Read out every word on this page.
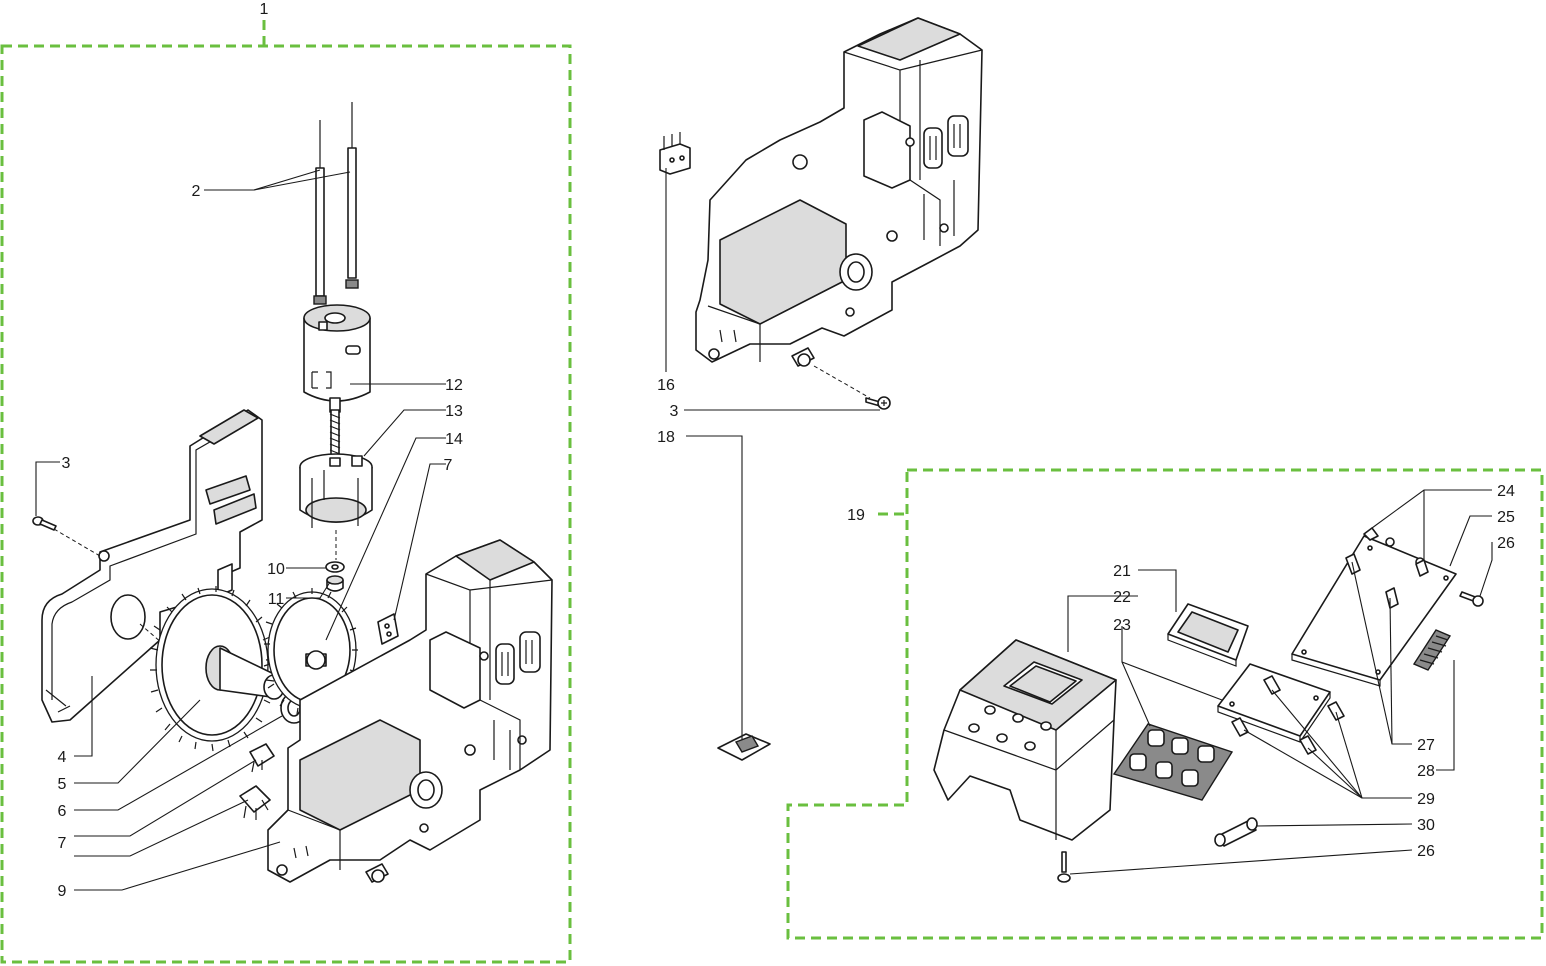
1
2
3
4
5
6
7
9
10
11
12
13
14
7
16
3
18
19
21
22
23
24
25
26
27
28
29
30
26
